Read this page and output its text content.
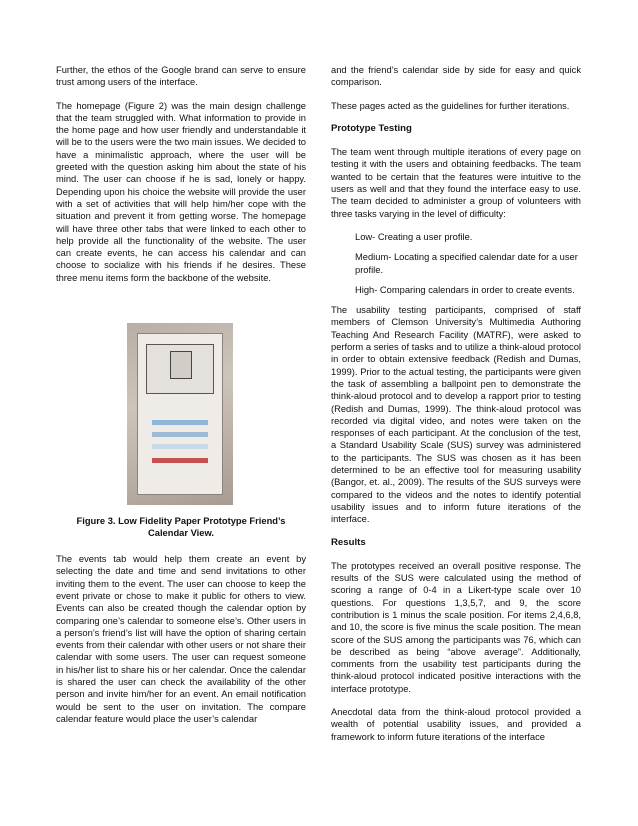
Further, the ethos of the Google brand can serve to ensure trust among users of the interface.

The homepage (Figure 2) was the main design challenge that the team struggled with. What information to provide in the home page and how user friendly and understandable it will be to the users were the two main issues. We decided to have a minimalistic approach, where the user will be greeted with the question asking him about the state of his mind. The user can choose if he is sad, lonely or happy. Depending upon his choice the website will provide the user with a set of activities that will help him/her cope with the situation and prevent it from getting worse. The homepage will have three other tabs that were linked to each other to help provide all the functionality of the website. The user can create events, he can access his calendar and can choose to socialize with his friends if he desires. These three menu items form the backbone of the website.

Figure 3. Low Fidelity Paper Prototype Friend’s Calendar View.

The events tab would help them create an event by selecting the date and time and send invitations to other inviting them to the event. The user can choose to keep the event private or chose to make it public for others to view. Events can also be created though the calendar option by comparing one’s calendar to someone else’s. Other users in a person’s friend’s list will have the option of sharing certain events from their calendar with other users or not share their calendar with some users. The user can request someone in his/her list to share his or her calendar. Once the calendar is shared the user can check the availability of the other person and invite him/her for an event. An email notification would be sent to the user on invitation. The compare calendar feature would place the user’s calendar

and the friend’s calendar side by side for easy and quick comparison.

These pages acted as the guidelines for further iterations.

Prototype Testing

The team went through multiple iterations of every page on testing it with the users and obtaining feedbacks. The team wanted to be certain that the features were intuitive to the users as well and that they found the interface easy to use. The team decided to administer a group of volunteers with three tasks varying in the level of difficulty:

Low- Creating a user profile.

Medium- Locating a specified calendar date for a user profile.

High- Comparing calendars in order to create events.

The usability testing participants, comprised of staff members of Clemson University’s Multimedia Authoring Teaching And Research Facility (MATRF), were asked to perform a series of tasks and to utilize a think-aloud protocol in order to obtain extensive feedback (Redish and Dumas, 1999). Prior to the actual testing, the participants were given the task of assembling a ballpoint pen to demonstrate the think-aloud protocol and to develop a rapport prior to testing (Redish and Dumas, 1999). The think-aloud protocol was recorded via digital video, and notes were taken on the responses of each participant. At the conclusion of the test, a Standard Usability Scale (SUS) survey was administered to the participants. The SUS was chosen as it has been determined to be an effective tool for measuring usability (Bangor, et. al., 2009). The results of the SUS surveys were compared to the videos and the notes to identify potential usability issues and to inform future iterations of the interface.

Results

The prototypes received an overall positive response. The results of the SUS were calculated using the method of scoring a range of 0-4 in a Likert-type scale over 10 questions. For questions 1,3,5,7, and 9, the score contribution is 1 minus the scale position. For items 2,4,6,8, and 10, the score is five minus the scale position. The mean score of the SUS among the participants was 76, which can be described as being “above average”. Additionally, comments from the usability test participants during the think-aloud protocol indicated positive interactions with the interface prototype.

Anecdotal data from the think-aloud protocol provided a wealth of potential usability issues, and provided a framework to inform future iterations of the interface
